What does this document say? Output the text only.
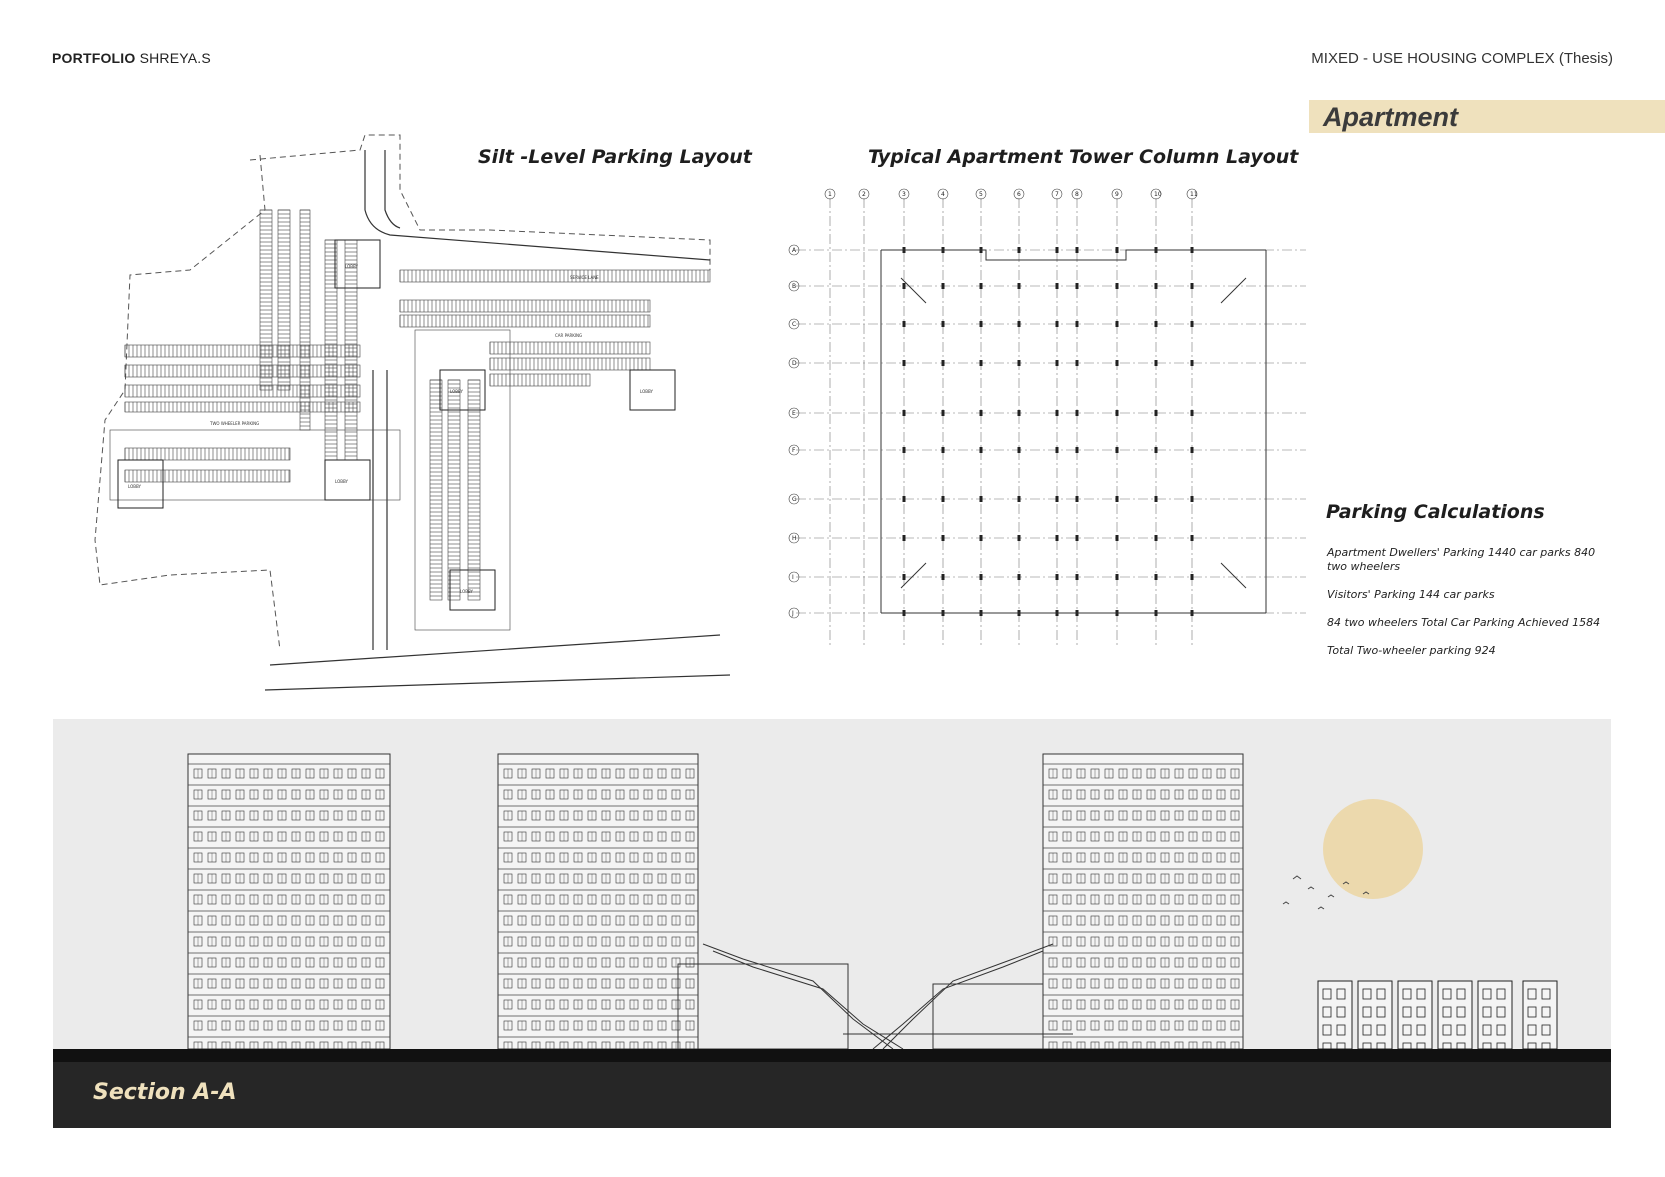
PORTFOLIO SHREYA.S	MIXED - USE HOUSING COMPLEX (Thesis)
Apartment
Silt -Level Parking Layout	Typical Apartment Tower Column Layout
SERVICE LANE
CAR PARKING
TWO WHEELER PARKING
LOBBY
LOBBY
LOBBY
LOBBY	LOBBY
LOBBY
1	2	3	4	5	6	7	8	9	10	11
A
B
C
D
E
F
G
H
I
J
Parking Calculations
Apartment Dwellers' Parking 1440 car parks 840 two wheelers
Visitors' Parking 144 car parks
84 two wheelers Total Car Parking Achieved 1584
Total Two-wheeler parking 924
Section A-A
